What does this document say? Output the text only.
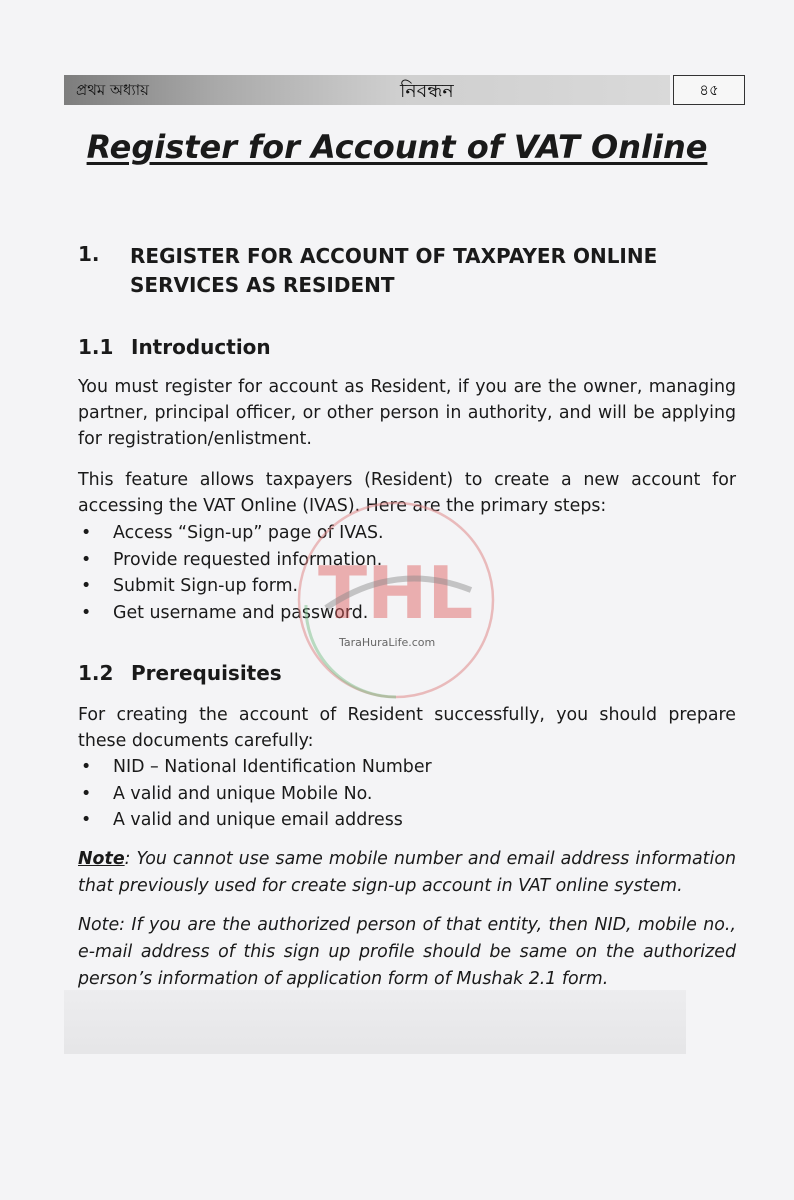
প্রথম অধ্যায়	নিবন্ধন	৪৫
Register for Account of VAT Online
1. REGISTER FOR ACCOUNT OF TAXPAYER ONLINE SERVICES AS RESIDENT
1.1 Introduction
You must register for account as Resident, if you are the owner, managing partner, principal officer, or other person in authority, and will be applying for registration/enlistment.
This feature allows taxpayers (Resident) to create a new account for accessing the VAT Online (IVAS). Here are the primary steps:
• Access “Sign-up” page of IVAS.
• Provide requested information.
• Submit Sign-up form.
• Get username and password.
1.2 Prerequisites
For creating the account of Resident successfully, you should prepare these documents carefully:
• NID – National Identification Number
• A valid and unique Mobile No.
• A valid and unique email address
Note: You cannot use same mobile number and email address information that previously used for create sign-up account in VAT online system.
Note: If you are the authorized person of that entity, then NID, mobile no., e-mail address of this sign up profile should be same on the authorized person’s information of application form of Mushak 2.1 form.
THL
TaraHuraLife.com
